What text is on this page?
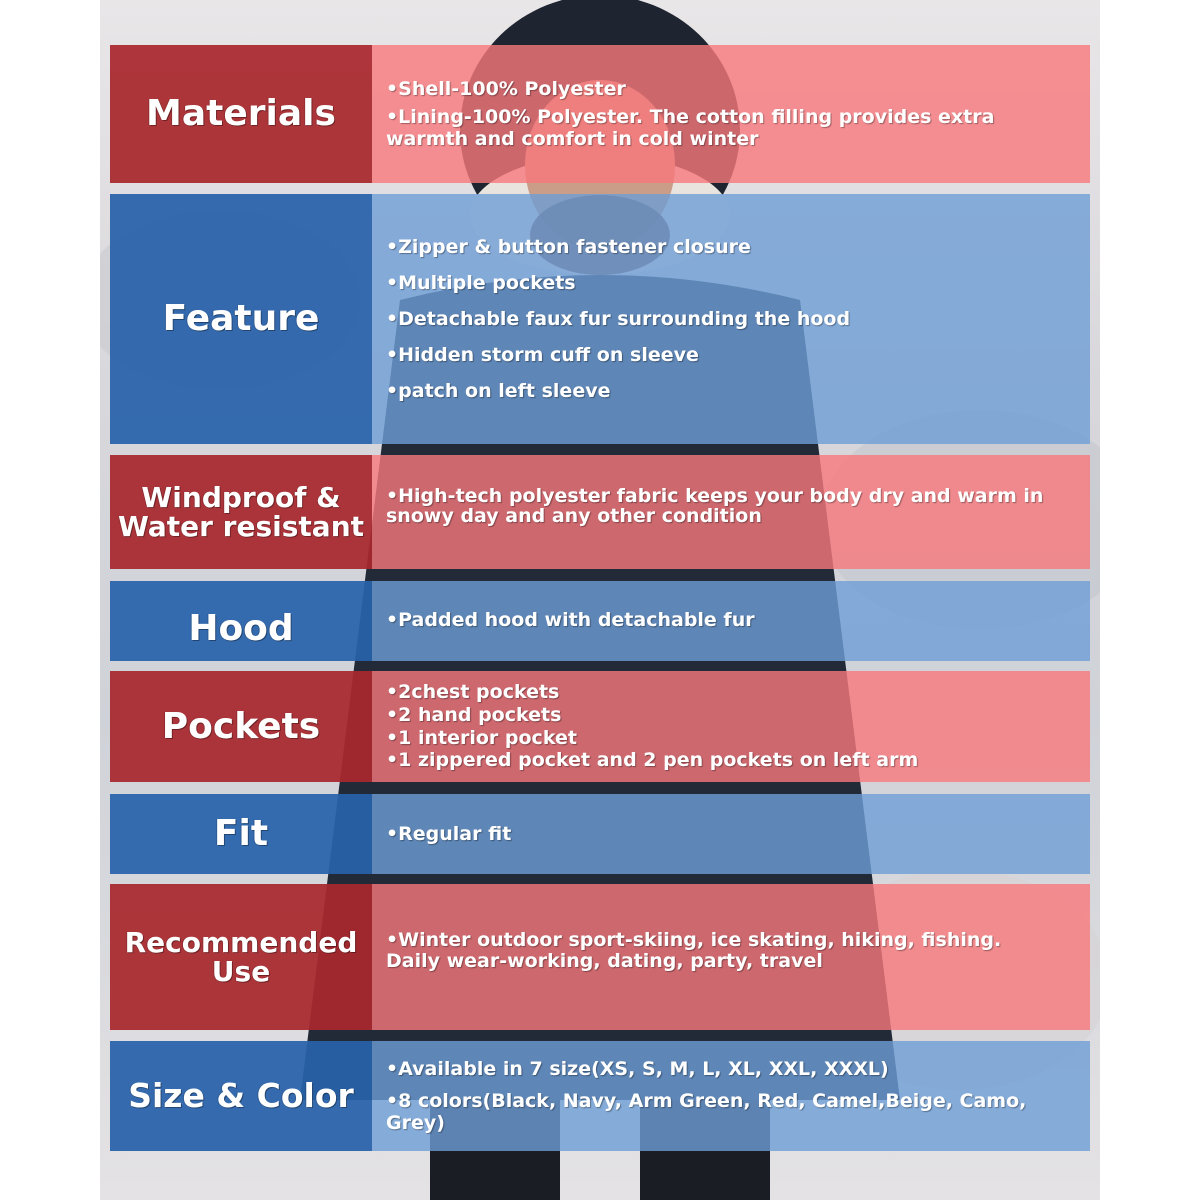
Materials
•Shell-100% Polyester
•Lining-100% Polyester. The cotton filling provides extra
warmth and comfort in cold winter
Feature
•Zipper & button fastener closure
•Multiple pockets
•Detachable faux fur surrounding the hood
•Hidden storm cuff on sleeve
•patch on left sleeve
Windproof &
Water resistant
•High-tech polyester fabric keeps your body dry and warm in
snowy day and any other condition
Hood	•Padded hood with detachable fur
Pockets
•2chest pockets
•2 hand pockets
•1 interior pocket
•1 zippered pocket and 2 pen pockets on left arm
Fit	•Regular fit
Recommended
Use
•Winter outdoor sport-skiing, ice skating, hiking, fishing.
Daily wear-working, dating, party, travel
Size & Color
•Available in 7 size(XS, S, M, L, XL, XXL, XXXL)
•8 colors(Black, Navy, Arm Green, Red, Camel,Beige, Camo, Grey)
